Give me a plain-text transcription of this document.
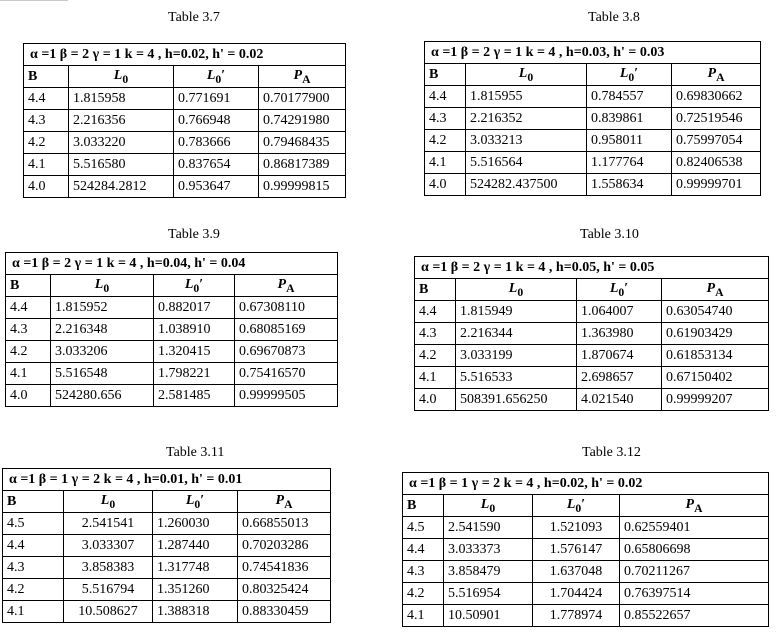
Table 3.7
α =1 β = 2 γ = 1 k = 4 , h=0.02, h' = 0.02			
B	$L_0$	$L_0'$	$P_A$
4.4	1.815958	0.771691	0.70177900
4.3	2.216356	0.766948	0.74291980
4.2	3.033220	0.783666	0.79468435
4.1	5.516580	0.837654	0.86817389
4.0	524284.2812	0.953647	0.99999815
Table 3.8
α =1 β = 2 γ = 1 k = 4 , h=0.03, h' = 0.03			
B	$L_0$	$L_0'$	$P_A$
4.4	1.815955	0.784557	0.69830662
4.3	2.216352	0.839861	0.72519546
4.2	3.033213	0.958011	0.75997054
4.1	5.516564	1.177764	0.82406538
4.0	524282.437500	1.558634	0.99999701
Table 3.9
α =1 β = 2 γ = 1 k = 4 , h=0.04, h' = 0.04			
B	$L_0$	$L_0'$	$P_A$
4.4	1.815952	0.882017	0.67308110
4.3	2.216348	1.038910	0.68085169
4.2	3.033206	1.320415	0.69670873
4.1	5.516548	1.798221	0.75416570
4.0	524280.656	2.581485	0.99999505
Table 3.10
α =1 β = 2 γ = 1 k = 4 , h=0.05, h' = 0.05			
B	$L_0$	$L_0'$	$P_A$
4.4	1.815949	1.064007	0.63054740
4.3	2.216344	1.363980	0.61903429
4.2	3.033199	1.870674	0.61853134
4.1	5.516533	2.698657	0.67150402
4.0	508391.656250	4.021540	0.99999207
Table 3.11
α =1 β = 1 γ = 2 k = 4 , h=0.01, h' = 0.01			
B	$L_0$	$L_0'$	$P_A$
4.5	2.541541	1.260030	0.66855013
4.4	3.033307	1.287440	0.70203286
4.3	3.858383	1.317748	0.74541836
4.2	5.516794	1.351260	0.80325424
4.1	10.508627	1.388318	0.88330459
Table 3.12
α =1 β = 1 γ = 2 k = 4 , h=0.02, h' = 0.02			
B	$L_0$	$L_0'$	$P_A$
4.5	2.541590	1.521093	0.62559401
4.4	3.033373	1.576147	0.65806698
4.3	3.858479	1.637048	0.70211267
4.2	5.516954	1.704424	0.76397514
4.1	10.50901	1.778974	0.85522657
